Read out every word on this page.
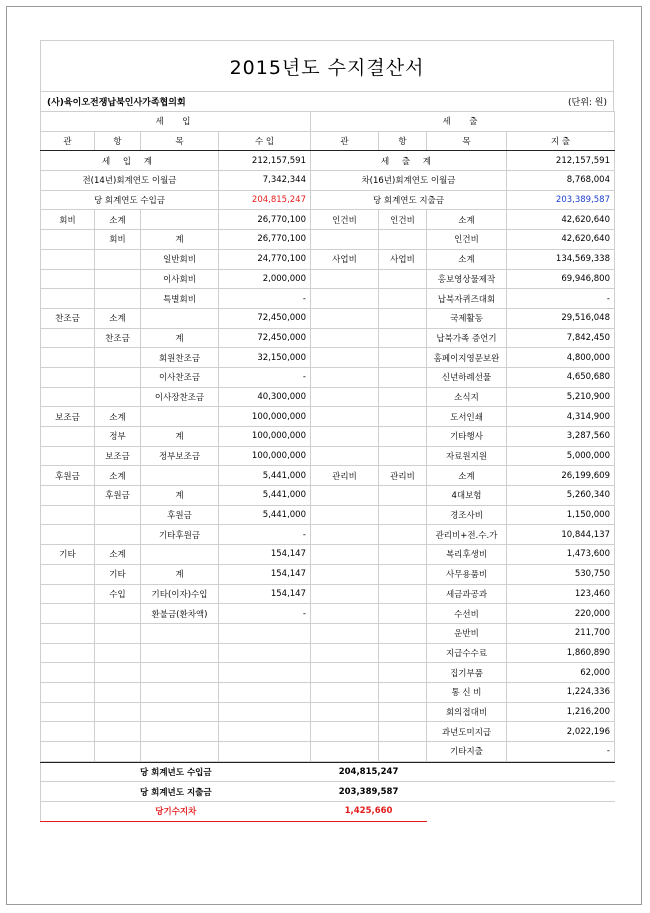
2015년도 수지결산서
(사)육이오전쟁납북인사가족협의회	(단위: 원)
세　입				세　출			
관	항	목	수 입	관	항	목	지 출
세 입 계			212,157,591	세 출 계			212,157,591
전(14년)회계연도 이월금			7,342,344	차(16년)회계연도 이월금			8,768,004
당 회계연도 수입금			204,815,247	당 회계연도 지출금			203,389,587
회비	소계		26,770,100	인건비	인건비	소계	42,620,640
	회비	계	26,770,100			인건비	42,620,640
		일반회비	24,770,100	사업비	사업비	소계	134,569,338
		이사회비	2,000,000			홍보영상물제작	69,946,800
		특별회비	-			납북자퀴즈대회	-
찬조금	소계		72,450,000			국제활동	29,516,048
	찬조금	계	72,450,000			납북가족 증언기	7,842,450
		회원찬조금	32,150,000			홈페이지영문보완	4,800,000
		이사찬조금	-			신년하례선물	4,650,680
		이사장찬조금	40,300,000			소식지	5,210,900
보조금	소계		100,000,000			도서인쇄	4,314,900
	정부	계	100,000,000			기타행사	3,287,560
	보조금	정부보조금	100,000,000			자료원지원	5,000,000
후원금	소계		5,441,000	관리비	관리비	소계	26,199,609
	후원금	계	5,441,000			4대보험	5,260,340
		후원금	5,441,000			경조사비	1,150,000
		기타후원금	-			관리비+전.수.가	10,844,137
기타	소계		154,147			복리후생비	1,473,600
	기타	계	154,147			사무용품비	530,750
	수입	기타(이자)수입	154,147			세금과공과	123,460
		환불금(환차액)	-			수선비	220,000
						운반비	211,700
						지급수수료	1,860,890
						집기부품	62,000
						통 신 비	1,224,336
						회의접대비	1,216,200
						과년도미지급	2,022,196
						기타지출	-
당 회계년도 수입금	204,815,247	
당 회계년도 지출금	203,389,587	
당기수지차	1,425,660	
